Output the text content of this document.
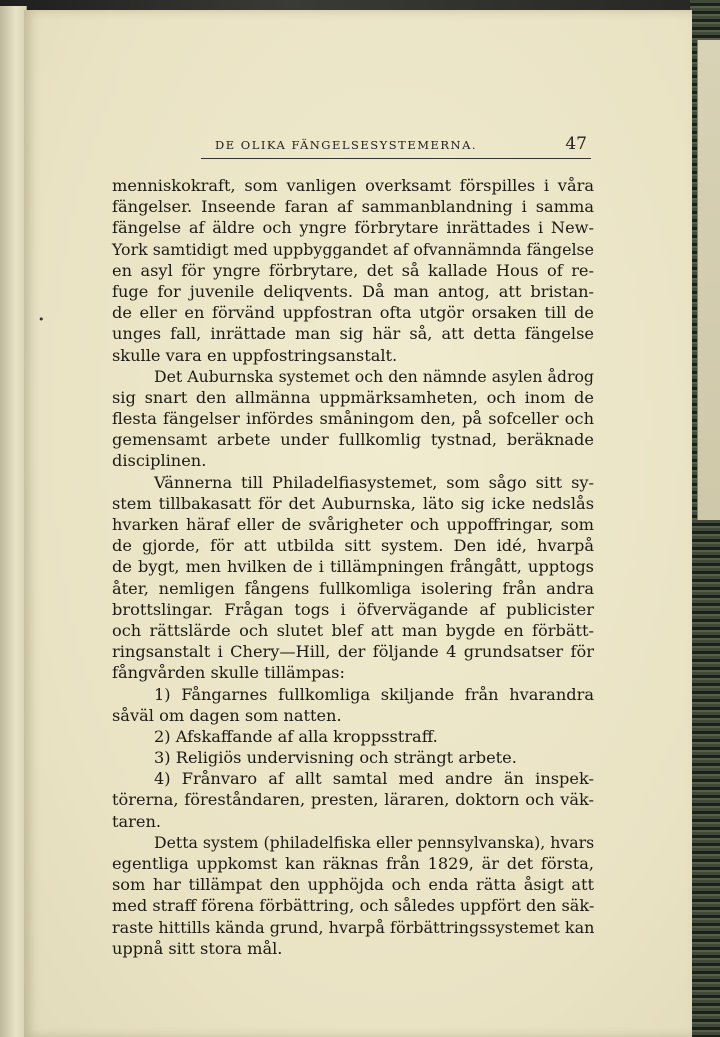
DE OLIKA FÄNGELSESYSTEMERNA.	47
•
menniskokraft, som vanligen overksamt förspilles i våra
fängelser. Inseende faran af sammanblandning i samma
fängelse af äldre och yngre förbrytare inrättades i New-
York samtidigt med uppbyggandet af ofvannämnda fängelse
en asyl för yngre förbrytare, det så kallade Hous of re-
fuge for juvenile deliqvents. Då man antog, att bristan-
de eller en förvänd uppfostran ofta utgör orsaken till de
unges fall, inrättade man sig här så, att detta fängelse
skulle vara en uppfostringsanstalt.
Det Auburnska systemet och den nämnde asylen ådrog
sig snart den allmänna uppmärksamheten, och inom de
flesta fängelser infördes småningom den, på sofceller och
gemensamt arbete under fullkomlig tystnad, beräknade
disciplinen.
Vännerna till Philadelfiasystemet, som sågo sitt sy-
stem tillbakasatt för det Auburnska, läto sig icke nedslås
hvarken häraf eller de svårigheter och uppoffringar, som
de gjorde, för att utbilda sitt system. Den idé, hvarpå
de bygt, men hvilken de i tillämpningen frångått, upptogs
åter, nemligen fångens fullkomliga isolering från andra
brottslingar. Frågan togs i öfvervägande af publicister
och rättslärde och slutet blef att man bygde en förbätt-
ringsanstalt i Chery—Hill, der följande 4 grundsatser för
fångvården skulle tillämpas:
1) Fångarnes fullkomliga skiljande från hvarandra
såväl om dagen som natten.
2) Afskaffande af alla kroppsstraff.
3) Religiös undervisning och strängt arbete.
4) Frånvaro af allt samtal med andre än inspek-
törerna, föreståndaren, presten, läraren, doktorn och väk-
taren.
Detta system (philadelfiska eller pennsylvanska), hvars
egentliga uppkomst kan räknas från 1829, är det första,
som har tillämpat den upphöjda och enda rätta åsigt att
med straff förena förbättring, och således uppfört den säk-
raste hittills kända grund, hvarpå förbättringssystemet kan
uppnå sitt stora mål.
